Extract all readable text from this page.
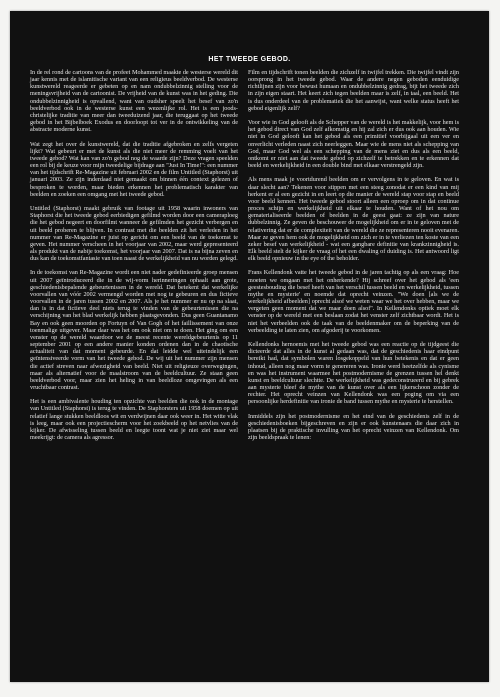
HET TWEEDE GEBOD.

In de rel rond de cartoons van de profeet Mohammed maakte de westerse wereld dit jaar kennis met de islamitische variant van een religieus beeldverbod. De westerse kunstwereld reageerde er gebeten op en nam ondubbelzinnig stelling voor de meningsvrijheid van de cartoonist. De vrijheid van de kunst was in het geding. Die ondubbelzinnigheid is opvallend, want van oudsher speelt het besef van zo'n beeldverbod ook in de westerse kunst een wezenlijke rol. Het is een joods-christelijke traditie van meer dan tweeduizend jaar, die teruggaat op het tweede gebod in het Bijbelboek Exodus en doorloopt tot ver in de ontwikkeling van de abstracte moderne kunst.

Wat zegt het over de kunstwereld, dat die traditie afgebroken en zelfs vergeten lijkt? Wat gebeurt er met de kunst als die niet meer de remming voelt van het tweede gebod? Wat kan van zo'n gebod nog de waarde zijn? Deze vragen speelden een rol bij de keuze voor mijn tweedelige bijdrage aan "Just In Time!": een nummer van het tijdschrift Re-Magazine uit februari 2002 en de film Untitled (Staphorst) uit januari 2003. Ze zijn inderdaad niet gemaakt om binnen één context gelezen of besproken te worden, maar bieden erkennen het problematisch karakter van beelden en zoeken een omgang met het tweede gebod.

Untitled (Staphorst) maakt gebruik van footage uit 1958 waarin inwoners van Staphorst die het tweede gebod eerbiedigen gefilmd worden door een cameraploeg die het gebod negeert en doorfilmt wanneer de gefilmden het gezicht verbergen en uit beeld proberen te blijven. In contrast met die beelden zit het verleden in het nummer van Re-Magazine er juist op gericht om een beeld van de toekomst te geven. Het nummer verscheen in het voorjaar van 2002, maar werd gepresenteerd als produkt van de nabije toekomst, het voorjaar van 2007. Dat is na bijna zeven en dus kan de toekomstfantasie van toen naast de werkelijkheid van nu worden gelegd.

In de toekomst van Re-Magazine wordt een niet nader gedefinieerde groep mensen uit 2007 geïntroduceerd die in de wij-vorm herinneringen ophaalt aan grote, geschiedenisbepalende gebeurtenissen in de wereld. Dat betekent dat werkelijke voorvallen van vóór 2002 vermengd worden met nog te gebeuren en dus fictieve voorvallen in de jaren tussen 2002 en 2007. Als je het nummer er nu op na slaat, dan is in dat fictieve deel niets terug te vinden van de gebeurtenissen die na verschijning van het blad werkelijk hebben plaatsgevonden. Dus geen Guantanamo Bay en ook geen moorden op Fortuyn of Van Gogh of het faillissement van onze toenmalige uitgever. Maar daar was het om ook niet om te doen. Het ging om een venster op de wereld waardoor we de meest recente wereldgebeurtenis op 11 september 2001 op een andere manier konden ordenen dan in de chaotische actualiteit van dat moment gebeurde. En dat leidde wel uiteindelijk een geïntensiveerde vorm van het tweede gebod. De wij uit het nummer zijn mensen die actief streven naar afwezigheid van beeld. Niet uit religieuze overwegingen, maar als alternatief voor de maalstroom van de beeldcultuur. Ze staan geen beeldverbod voor, maar zien het heling in van beeldloze omgevingen als een vruchtbaar contrast.

Het is een ambivalente houding ten opzichte van beelden die ook in de montage van Untitled (Staphorst) is terug te vinden. De Staphorsters uit 1958 doemen op uit relatief lange stukken beeldloos wit en verdwijnen daar ook weer in. Het witte vlak is leeg, maar ook een projectiescherm voor het zoekbeeld op het netvlies van de kijker. De afwisseling tussen beeld en leegte toont wat je niet ziet maar wel meekrijgt: de camera als agressor.

Film en tijdschrift tonen beelden die zichzelf in twijfel trekken. Die twijfel vindt zijn oorsprong in het tweede gebod. Waar de andere negen geboden eenduidige richtlijnen zijn voor bewust humaan en ondubbelzinnig gedrag, bijt het tweede zich in zijn eigen staart. Het keert zich tegen beelden maar is zelf, in taal, een beeld. Het is dus onderdeel van de problematiek die het aanwijst, want welke status heeft het gebod eigenlijk zelf?

Voor wie in God gelooft als de Schepper van de wereld is het makkelijk, voor hem is het gebod direct van God zelf afkomstig en hij zal zich er dus ook aan houden. Wie niet in God gelooft kan het gebod als een primitief voorbijgaal uit een ver en onverlicht verleden naast zich neerleggen. Maar wie de mens niet als schepping van God, maar God wel als een schepping van de mens ziet en dus als een beeld, ontkomt er niet aan dat tweede gebod op zichzelf te betrekken en te erkennen dat beeld en werkelijkheid in een double bind met elkaar verstrengeld zijn.

Als mens maak je voortdurend beelden om er vervolgens in te geloven. En wat is daar slecht aan? Tekenen voor stippen met een steeg zonodat er een kind van mij herkent er al een gezicht in en leert op die manier de wereld stap voor stap en beeld voor beeld kennen. Het tweede gebod stoort alleen een oproep om in dat continue proces schijn en werkelijkheid uit elkaar te houden. Want of het nou om gematerialiseerde beelden of beelden in de geest gaat: ze zijn van nature dubbelzinnig. Ze geven de beschouwer de mogelijkheid om er in te geloven met de relativering dat er de complexiteit van de wereld die ze representeren nooit evenaren. Maar ze geven hem ook de mogelijkheid om zich er in te verliezen ten koste van een zeker besef van werkelijkheid - wat een gangbare definitie van krankzinnigheid is. Elk beeld stelt de kijker de vraag of het een dwaling of duiding is. Het antwoord ligt elk beeld opnieuw in the eye of the beholder.

Frans Kellendonk vatte het tweede gebod in de jaren tachtig op als een vraag: Hoe moeten we omgaan met het onherkende? Hij schreef over het gebod als 'een geestesbouding die besef heeft van het verschil tussen beeld en werkelijkheid, tussen mythe en mysterie' en noemde dat oprecht veinzen. "We doen [als we de werkelijkheid afbeelden] oprecht alsof we weten waar we het over hebben, maar we vergeten geen moment dat we maar doen alsof". In Kellendonks optiek moet elk venster op de wereld met een beslaan zodat het venster zelf zichtbaar wordt. Het is niet het verbeelden ook de taak van de beeldenmaker om de beperking van de verbeelding te laten zien, om afgoderij te voorkomen.

Kellendonks hernoemis met het tweede gebod was een reactie op de tijdgeest die dicteerde dat alles in de kunst al gedaan was, dat de geschiedenis haar eindpunt bereikt had, dat symbolen waren losgekoppeld van hun betekenis en dat er geen inhoud, alleen nog maar vorm te genereren was. Ironie werd heetzelfde als cynisme en was het instrument waarmee het postmodernisme de grenzen tussen hel denkt kunst en beeldcultuur slechtte. De werkelijkheid was gedeconstrueerd en bij gebrek aan mysterie bleef de mythe van de kunst over als een lijkerschoon zonder de rechter. Het oprecht veinzen van Kellendonk was een poging om via een persoonlijke herdefinitie van ironie de band tussen mythe en mysterie te herstellen.

Inmiddels zijn het postmodernisme en het eind van de geschiedenis zelf in de geschiedenisboeken bijgeschreven en zijn er ook kunstenaars die daar zich in plaatsen bij de praktische invulling van het oprecht veinzen van Kellendonk. Om zijn beeldspraak te lenen:
